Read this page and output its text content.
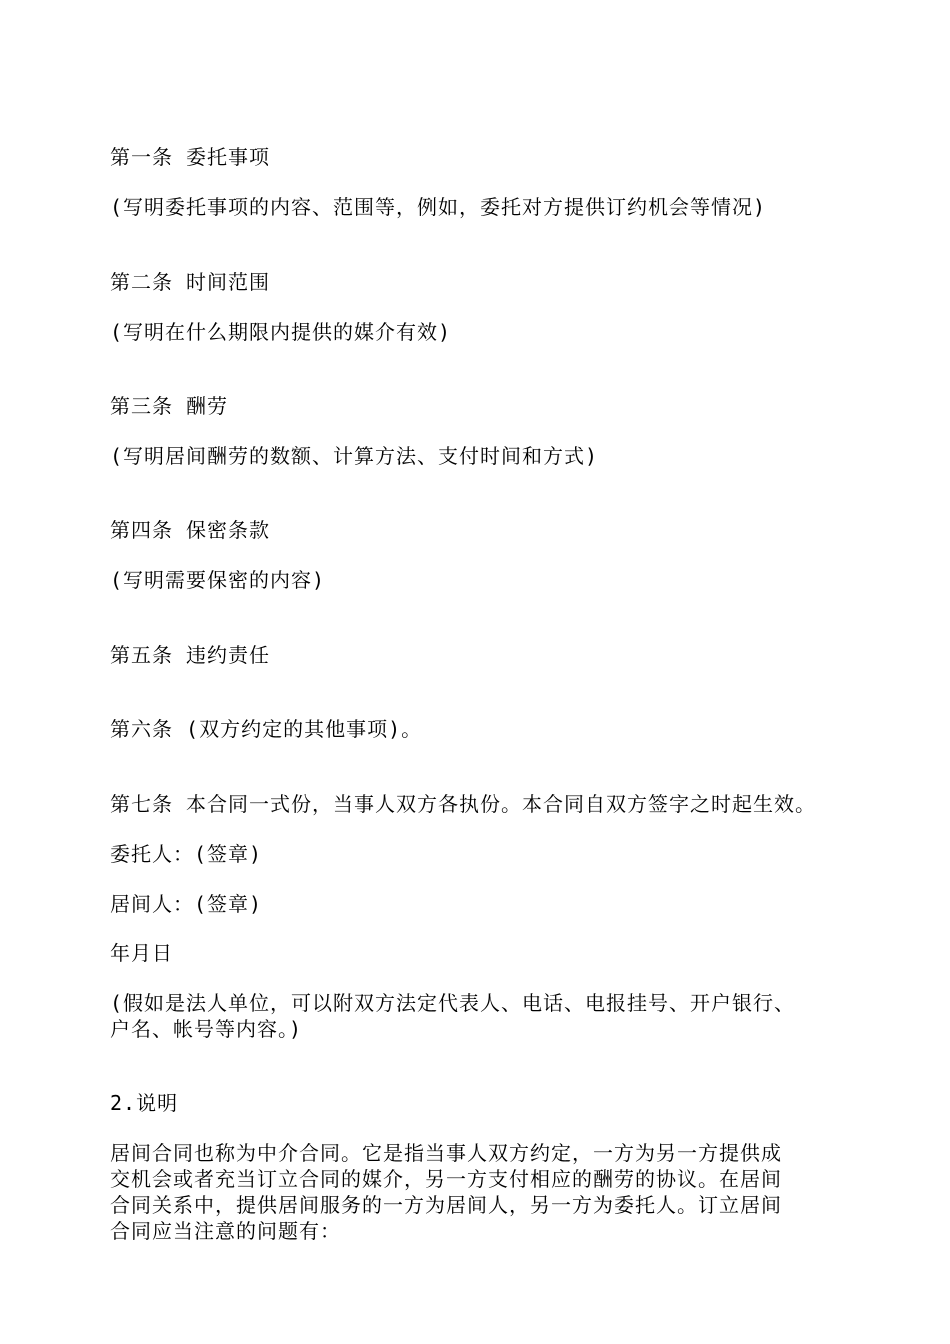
第一条 委托事项
(写明委托事项的内容、范围等，例如，委托对方提供订约机会等情况)
第二条 时间范围
(写明在什么期限内提供的媒介有效)
第三条 酬劳
(写明居间酬劳的数额、计算方法、支付时间和方式)
第四条 保密条款
(写明需要保密的内容)
第五条 违约责任
第六条 (双方约定的其他事项)。
第七条 本合同一式份，当事人双方各执份。本合同自双方签字之时起生效。
委托人：(签章)
居间人：(签章)
年月日
(假如是法人单位，可以附双方法定代表人、电话、电报挂号、开户银行、
户名、帐号等内容。)
2.说明
居间合同也称为中介合同。它是指当事人双方约定，一方为另一方提供成
交机会或者充当订立合同的媒介，另一方支付相应的酬劳的协议。在居间
合同关系中，提供居间服务的一方为居间人，另一方为委托人。订立居间
合同应当注意的问题有：
